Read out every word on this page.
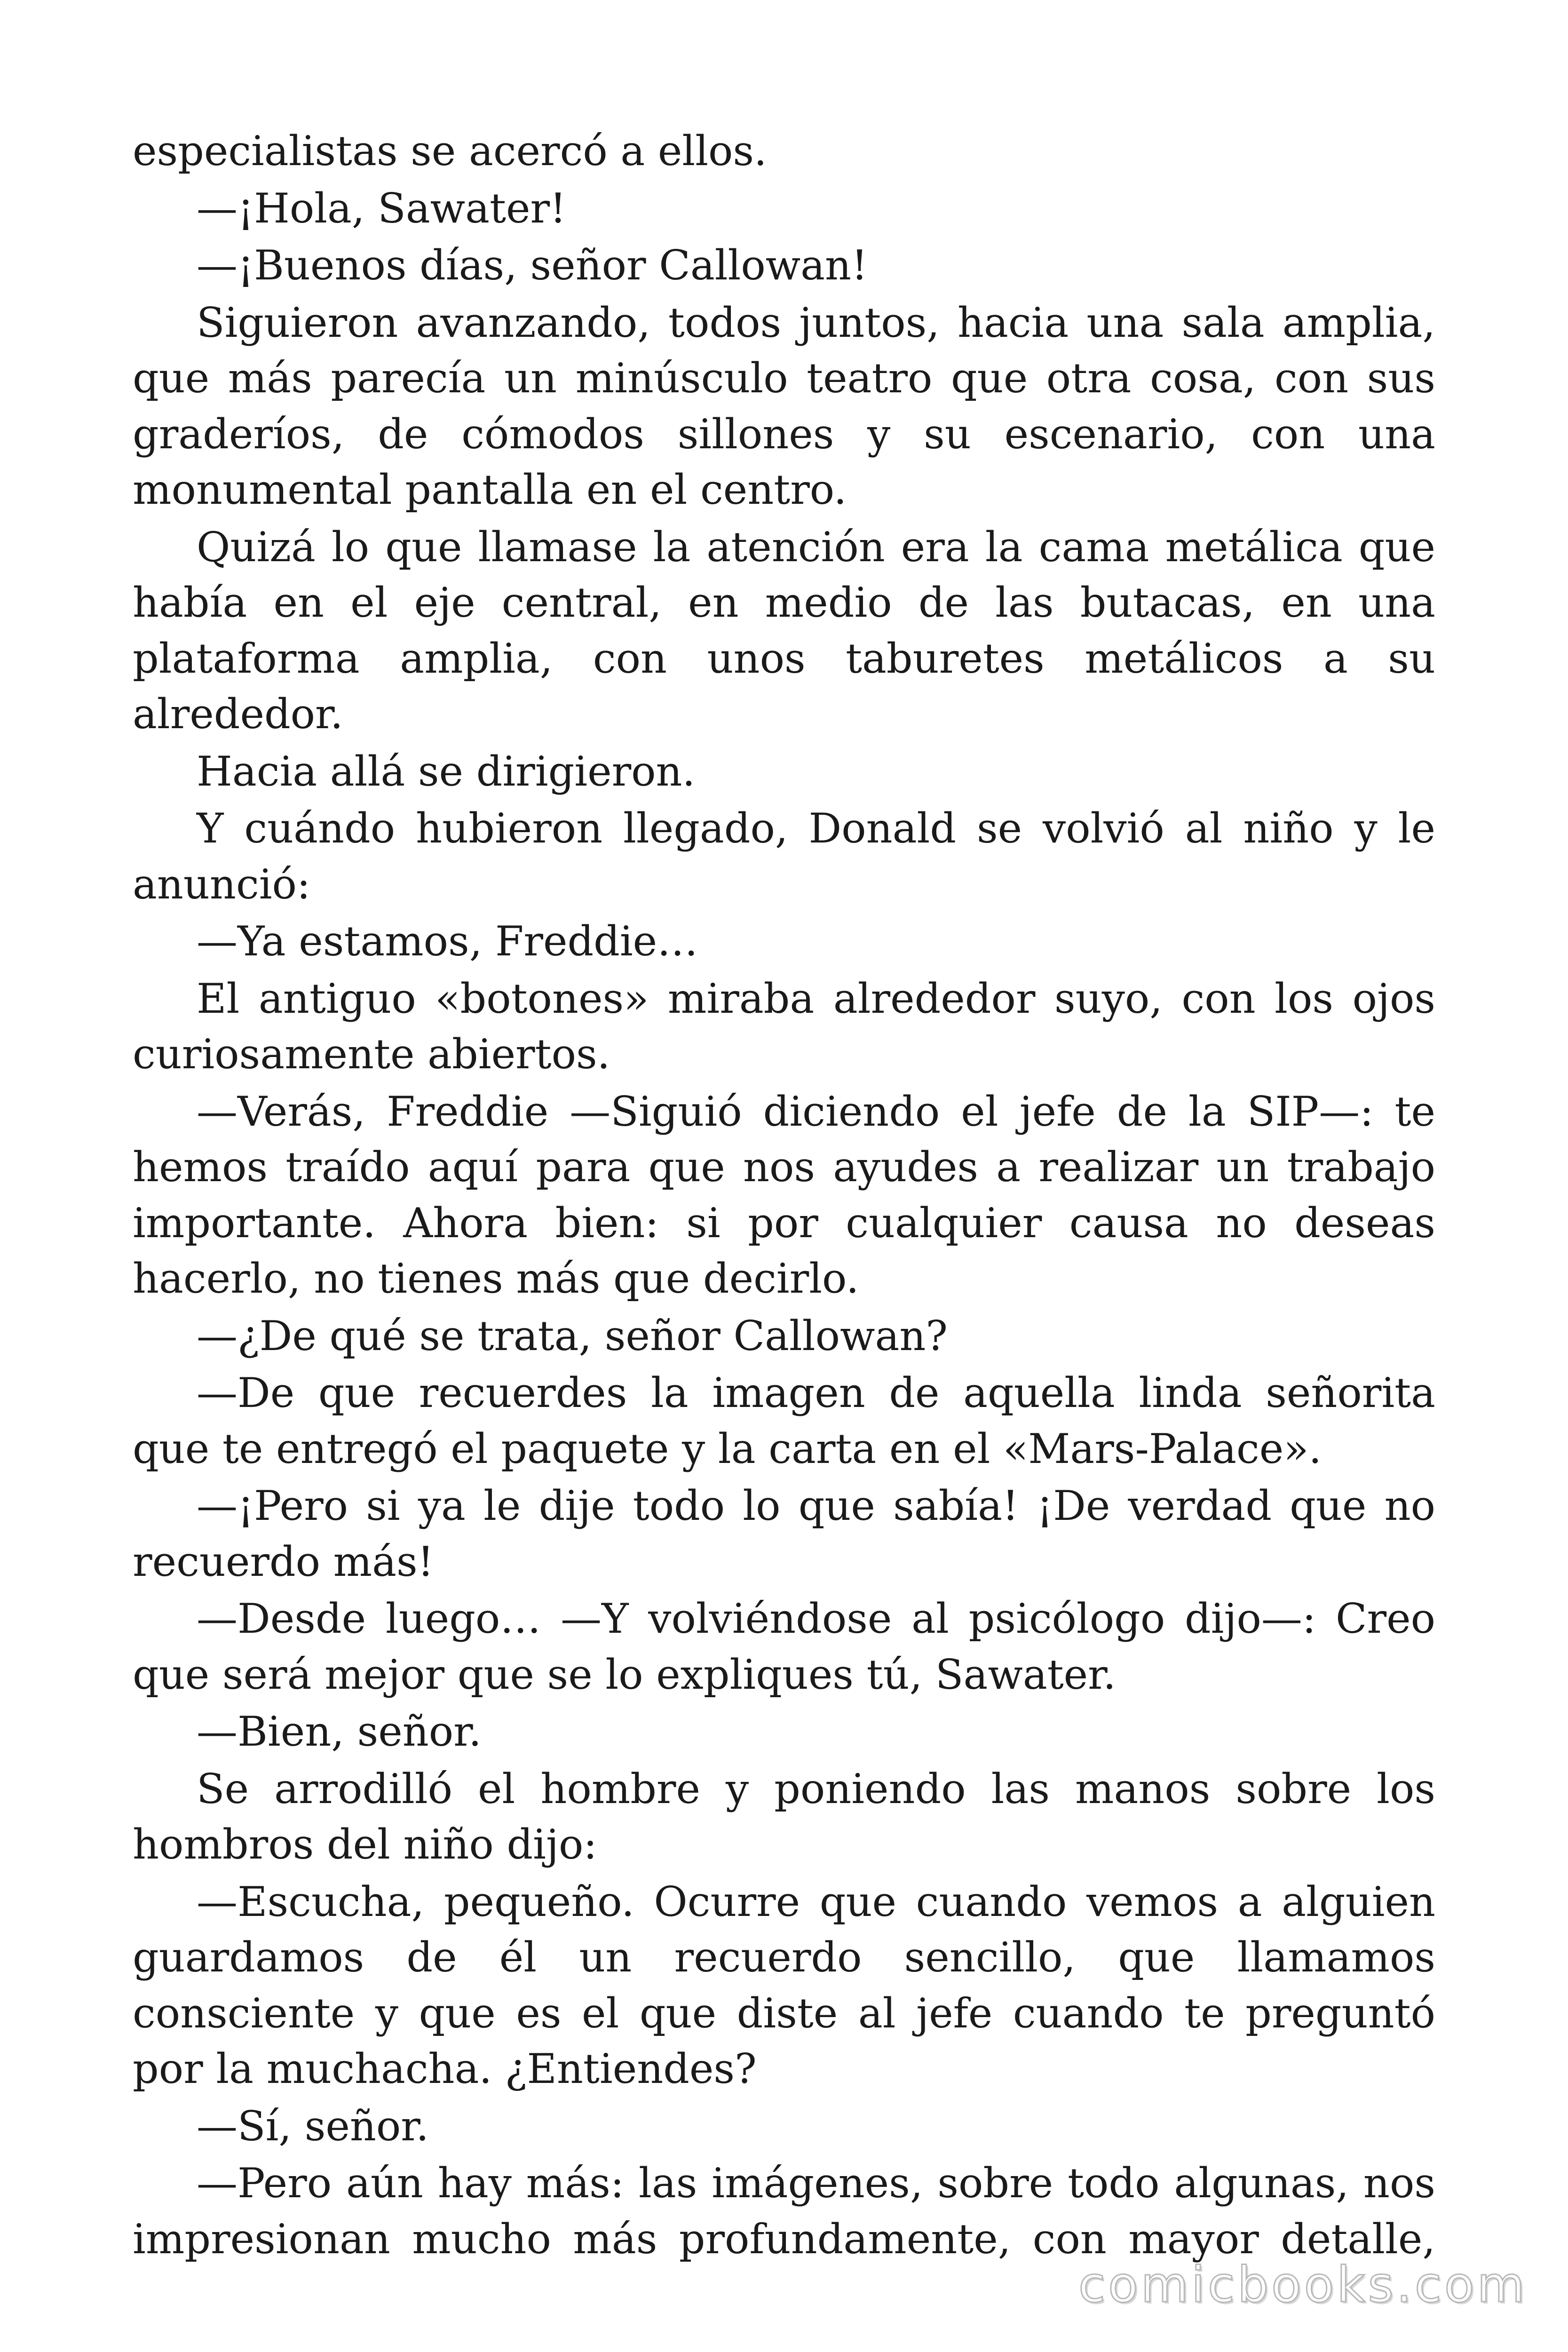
especialistas se acercó a ellos.

—¡Hola, Sawater!

—¡Buenos días, señor Callowan!

Siguieron avanzando, todos juntos, hacia una sala amplia, que más parecía un minúsculo teatro que otra cosa, con sus graderíos, de cómodos sillones y su escenario, con una monumental pantalla en el centro.

Quizá lo que llamase la atención era la cama metálica que había en el eje central, en medio de las butacas, en una plataforma amplia, con unos taburetes metálicos a su alrededor.

Hacia allá se dirigieron.

Y cuándo hubieron llegado, Donald se volvió al niño y le anunció:

—Ya estamos, Freddie…

El antiguo «botones» miraba alrededor suyo, con los ojos curiosamente abiertos.

—Verás, Freddie —Siguió diciendo el jefe de la SIP—: te hemos traído aquí para que nos ayudes a realizar un trabajo importante. Ahora bien: si por cualquier causa no deseas hacerlo, no tienes más que decirlo.

—¿De qué se trata, señor Callowan?

—De que recuerdes la imagen de aquella linda señorita que te entregó el paquete y la carta en el «Mars-Palace».

—¡Pero si ya le dije todo lo que sabía! ¡De verdad que no recuerdo más!

—Desde luego… —Y volviéndose al psicólogo dijo—: Creo que será mejor que se lo expliques tú, Sawater.

—Bien, señor.

Se arrodilló el hombre y poniendo las manos sobre los hombros del niño dijo:

—Escucha, pequeño. Ocurre que cuando vemos a alguien guardamos de él un recuerdo sencillo, que llamamos consciente y que es el que diste al jefe cuando te preguntó por la muchacha. ¿Entiendes?

—Sí, señor.

—Pero aún hay más: las imágenes, sobre todo algunas, nos impresionan mucho más profundamente, con mayor detalle,

comicbooks.com
